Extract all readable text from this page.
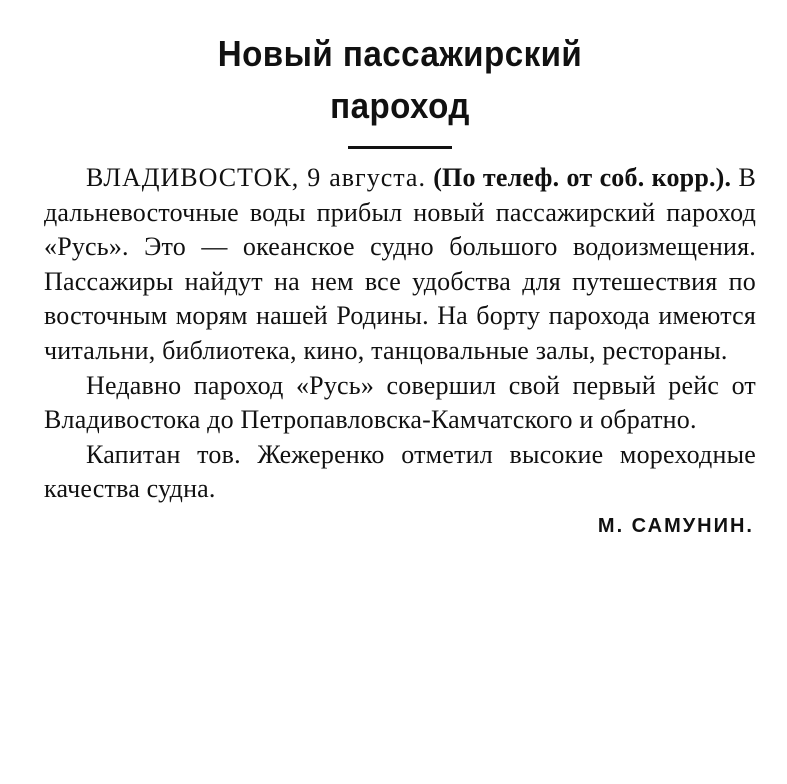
Новый пассажирский
пароход

ВЛАДИВОСТОК, 9 августа. (По телеф. от соб. корр.). В дальневосточные воды прибыл новый пассажирский пароход «Русь». Это — океанское судно большого водоизмещения. Пассажиры найдут на нем все удобства для путешествия по восточным морям нашей Родины. На борту парохода имеются читальни, библиотека, кино, танцовальные залы, рестораны.

Недавно пароход «Русь» совершил свой первый рейс от Владивостока до Петропавловска-Камчатского и обратно.

Капитан тов. Жежеренко отметил высокие мореходные качества судна.

М. САМУНИН.
